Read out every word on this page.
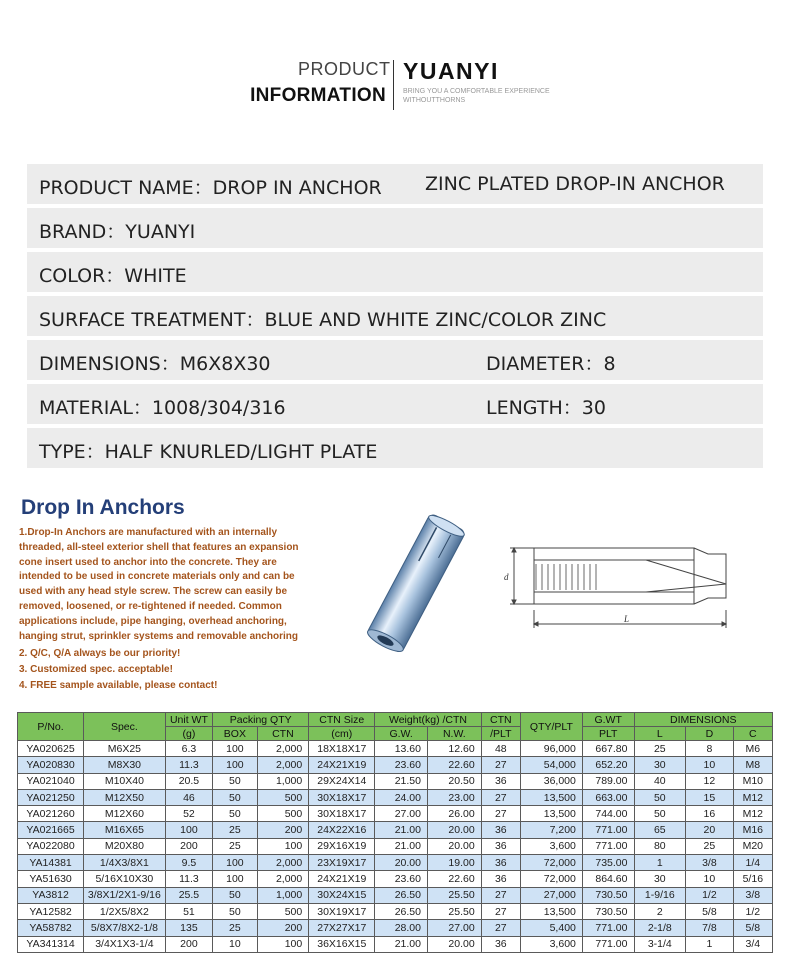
PRODUCT
INFORMATION
YUANYI
BRING YOU A COMFORTABLE EXPERIENCE WITHOUTTHORNS
PRODUCT NAME：DROP IN ANCHOR ZINC PLATED DROP-IN ANCHOR
BRAND：YUANYI
COLOR：WHITE
SURFACE TREATMENT：BLUE AND WHITE ZINC/COLOR ZINC
DIMENSIONS：M6X8X30	DIAMETER：8
MATERIAL：1008/304/316	LENGTH：30
TYPE：HALF KNURLED/LIGHT PLATE
Drop In Anchors
1.Drop-In Anchors are manufactured with an internally threaded, all-steel exterior shell that features an expansion cone insert used to anchor into the concrete. They are intended to be used in concrete materials only and can be used with any head style screw. The screw can easily be removed, loosened, or re-tightened if needed. Common applications include, pipe hanging, overhead anchoring, hanging strut, sprinkler systems and removable anchoring
2. Q/C, Q/A always be our priority!
3. Customized spec. acceptable!
4. FREE sample available, please contact!
d
L
P/No.	Spec.	Unit WT	Packing QTY		CTN Size	Weight(kg) /CTN		CTN	QTY/PLT	G.WT	DIMENSIONS		
		(g)	BOX	CTN	(cm)	G.W.	N.W.	/PLT		PLT	L	D	C
YA020625	M6X25	6.3	100	2,000	18X18X17	13.60	12.60	48	96,000	667.80	25	8	M6
YA020830	M8X30	11.3	100	2,000	24X21X19	23.60	22.60	27	54,000	652.20	30	10	M8
YA021040	M10X40	20.5	50	1,000	29X24X14	21.50	20.50	36	36,000	789.00	40	12	M10
YA021250	M12X50	46	50	500	30X18X17	24.00	23.00	27	13,500	663.00	50	15	M12
YA021260	M12X60	52	50	500	30X18X17	27.00	26.00	27	13,500	744.00	50	16	M12
YA021665	M16X65	100	25	200	24X22X16	21.00	20.00	36	7,200	771.00	65	20	M16
YA022080	M20X80	200	25	100	29X16X19	21.00	20.00	36	3,600	771.00	80	25	M20
YA14381	1/4X3/8X1	9.5	100	2,000	23X19X17	20.00	19.00	36	72,000	735.00	1	3/8	1/4
YA51630	5/16X10X30	11.3	100	2,000	24X21X19	23.60	22.60	36	72,000	864.60	30	10	5/16
YA3812	3/8X1/2X1-9/16	25.5	50	1,000	30X24X15	26.50	25.50	27	27,000	730.50	1-9/16	1/2	3/8
YA12582	1/2X5/8X2	51	50	500	30X19X17	26.50	25.50	27	13,500	730.50	2	5/8	1/2
YA58782	5/8X7/8X2-1/8	135	25	200	27X27X17	28.00	27.00	27	5,400	771.00	2-1/8	7/8	5/8
YA341314	3/4X1X3-1/4	200	10	100	36X16X15	21.00	20.00	36	3,600	771.00	3-1/4	1	3/4
